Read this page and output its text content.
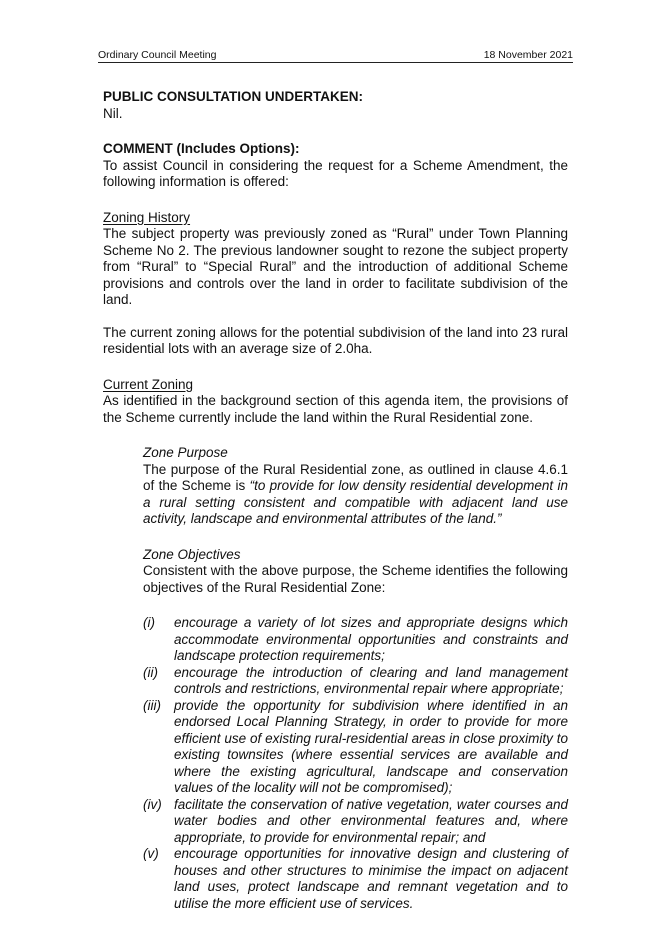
Ordinary Council Meeting	18 November 2021
PUBLIC CONSULTATION UNDERTAKEN:
Nil.
COMMENT (Includes Options):
To assist Council in considering the request for a Scheme Amendment, the following information is offered:
Zoning History
The subject property was previously zoned as “Rural” under Town Planning Scheme No 2. The previous landowner sought to rezone the subject property from “Rural” to “Special Rural” and the introduction of additional Scheme provisions and controls over the land in order to facilitate subdivision of the land.
The current zoning allows for the potential subdivision of the land into 23 rural residential lots with an average size of 2.0ha.
Current Zoning
As identified in the background section of this agenda item, the provisions of the Scheme currently include the land within the Rural Residential zone.
Zone Purpose
The purpose of the Rural Residential zone, as outlined in clause 4.6.1 of the Scheme is “to provide for low density residential development in a rural setting consistent and compatible with adjacent land use activity, landscape and environmental attributes of the land.”
Zone Objectives
Consistent with the above purpose, the Scheme identifies the following objectives of the Rural Residential Zone:
(i)	encourage a variety of lot sizes and appropriate designs which accommodate environmental opportunities and constraints and landscape protection requirements;
(ii)	encourage the introduction of clearing and land management controls and restrictions, environmental repair where appropriate;
(iii) provide the opportunity for subdivision where identified in an endorsed Local Planning Strategy, in order to provide for more efficient use of existing rural-residential areas in close proximity to existing townsites (where essential services are available and where the existing agricultural, landscape and conservation values of the locality will not be compromised);
(iv) facilitate the conservation of native vegetation, water courses and water bodies and other environmental features and, where appropriate, to provide for environmental repair; and
(v)	encourage opportunities for innovative design and clustering of houses and other structures to minimise the impact on adjacent land uses, protect landscape and remnant vegetation and to utilise the more efficient use of services.
